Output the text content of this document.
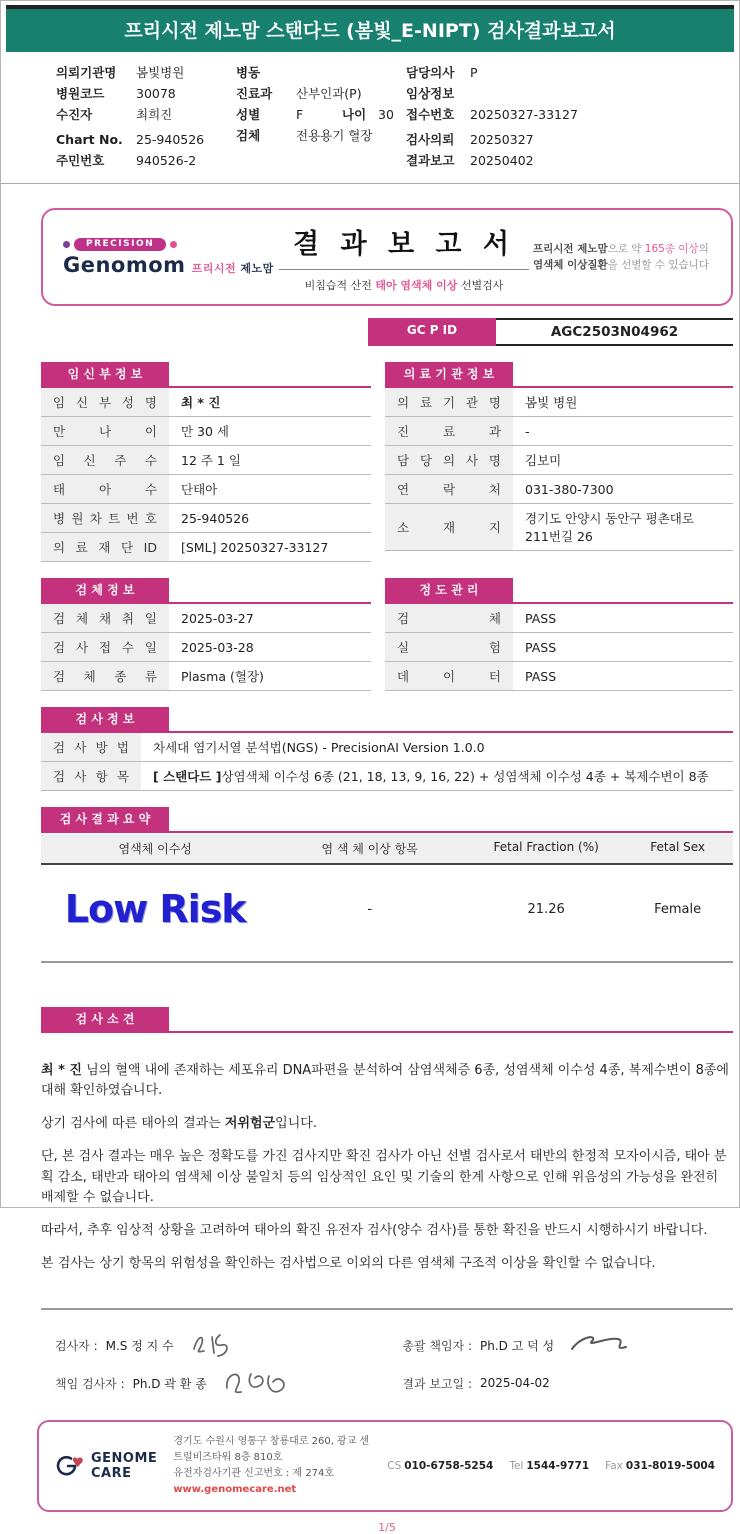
프리시전 제노맘 스탠다드 (봄빛_E-NIPT) 검사결과보고서
의뢰기관명	봄빛병원
병원코드	30078
수진자	최희진
Chart No.	25-940526
주민번호	940526-2
병동
진료과	산부인과(P)
성별	F	나이 30
검체	전용용기 혈장
담당의사	P
임상정보
접수번호	20250327-33127
검사의뢰	20250327
결과보고	20250402
PRECISION
Genomom 프리시전 제노맘
결 과 보 고 서
비침습적 산전 태아 염색체 이상 선별검사
프리시전 제노맘으로 약 165종 이상의
염색체 이상질환을 선별할 수 있습니다
GC P ID	AGC2503N04962
임 신 부 정 보
임 신 부 성 명	최 * 진
만 나 이	만 30 세
임 신 주 수	12 주 1 일
태 아 수	단태아
병 원 차 트 번 호	25-940526
의 료 재 단 ID	[SML] 20250327-33127
의 료 기 관 정 보
의 료 기 관 명	봄빛 병원
진 료 과	-
담 당 의 사 명	김보미
연 락 처	031-380-7300
소 재 지
경기도 안양시 동안구 평촌대로 211번길 26
검 체 정 보
검 체 채 취 일	2025-03-27
검 사 접 수 일	2025-03-28
검 체 종 류	Plasma (혈장)
정 도 관 리
검 체	PASS
실 험	PASS
데 이 터	PASS
검 사 정 보
검 사 방 법	차세대 염기서열 분석법(NGS) - PrecisionAI Version 1.0.0
검 사 항 목 [ 스탠다드 ] 상염색체 이수성 6종 (21, 18, 13, 9, 16, 22) + 성염색체 이수성 4종 + 복제수변이 8종
검 사 결 과 요 약
염색체 이수성	염 색 체 이상 항목	Fetal Fraction (%)	Fetal Sex
Low Risk	-	21.26	Female
검 사 소 견

최 * 진 님의 혈액 내에 존재하는 세포유리 DNA파편을 분석하여 삼염색체증 6종, 성염색체 이수성 4종, 복제수변이 8종에 대해 확인하였습니다.

상기 검사에 따른 태아의 결과는 저위험군입니다.

단, 본 검사 결과는 매우 높은 정확도를 가진 검사지만 확진 검사가 아닌 선별 검사로서 태반의 한정적 모자이시즘, 태아 분획 감소, 태반과 태아의 염색체 이상 불일치 등의 임상적인 요인 및 기술의 한계 사항으로 인해 위음성의 가능성을 완전히 배제할 수 없습니다.

따라서, 추후 임상적 상황을 고려하여 태아의 확진 유전자 검사(양수 검사)를 통한 확진을 반드시 시행하시기 바랍니다.

본 검사는 상기 항목의 위험성을 확인하는 검사법으로 이외의 다른 염색체 구조적 이상을 확인할 수 없습니다.

검사자 : M.S 정 지 수
책임 검사자 : Ph.D 곽 환 종
총괄 책임자 : Ph.D 고 덕 성
결과 보고일 : 2025-04-02
GENOME CARE
경기도 수원시 영통구 창룡대로 260, 광교 센트럴비즈타워 8층 810호
유전자검사기관 신고번호 : 제 274호
www.genomecare.net
CS 010-6758-5254 Tel 1544-9771 Fax 031-8019-5004
1/5
